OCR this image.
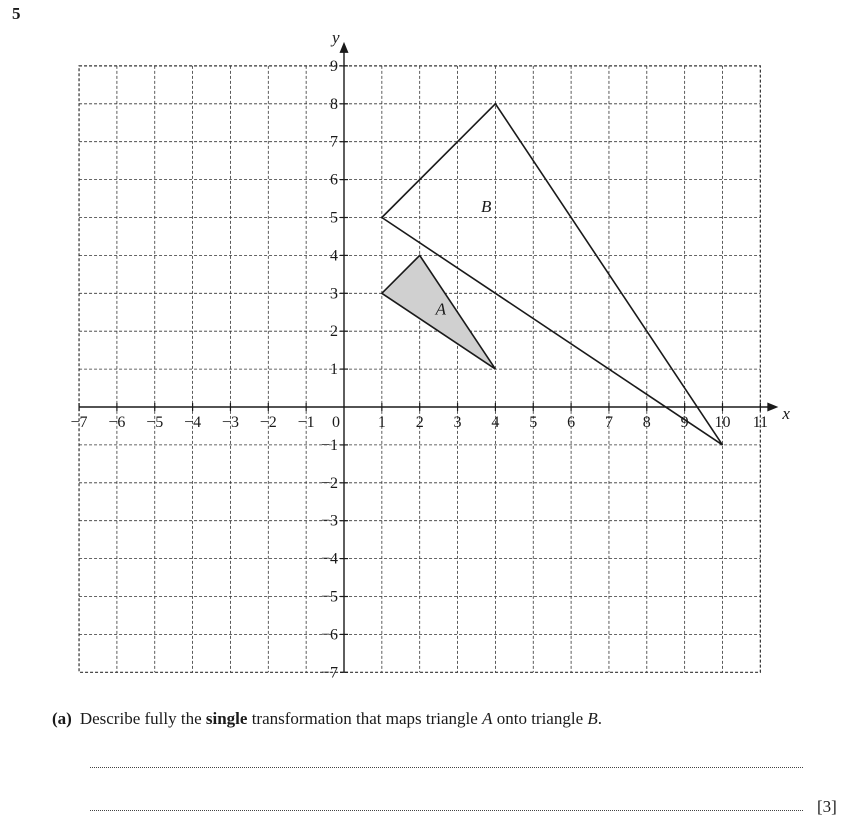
5
x
y
−7 −6 −5 −4 −3 −2 −1 0 1 2 3 4 5 6 7 8 9 10 11
9
8
7
6
5
4
3
2
1
−1
−2
−3
−4
−5
−6
−7
A
B
(a) Describe fully the single transformation that maps triangle A onto triangle B.
[3]
